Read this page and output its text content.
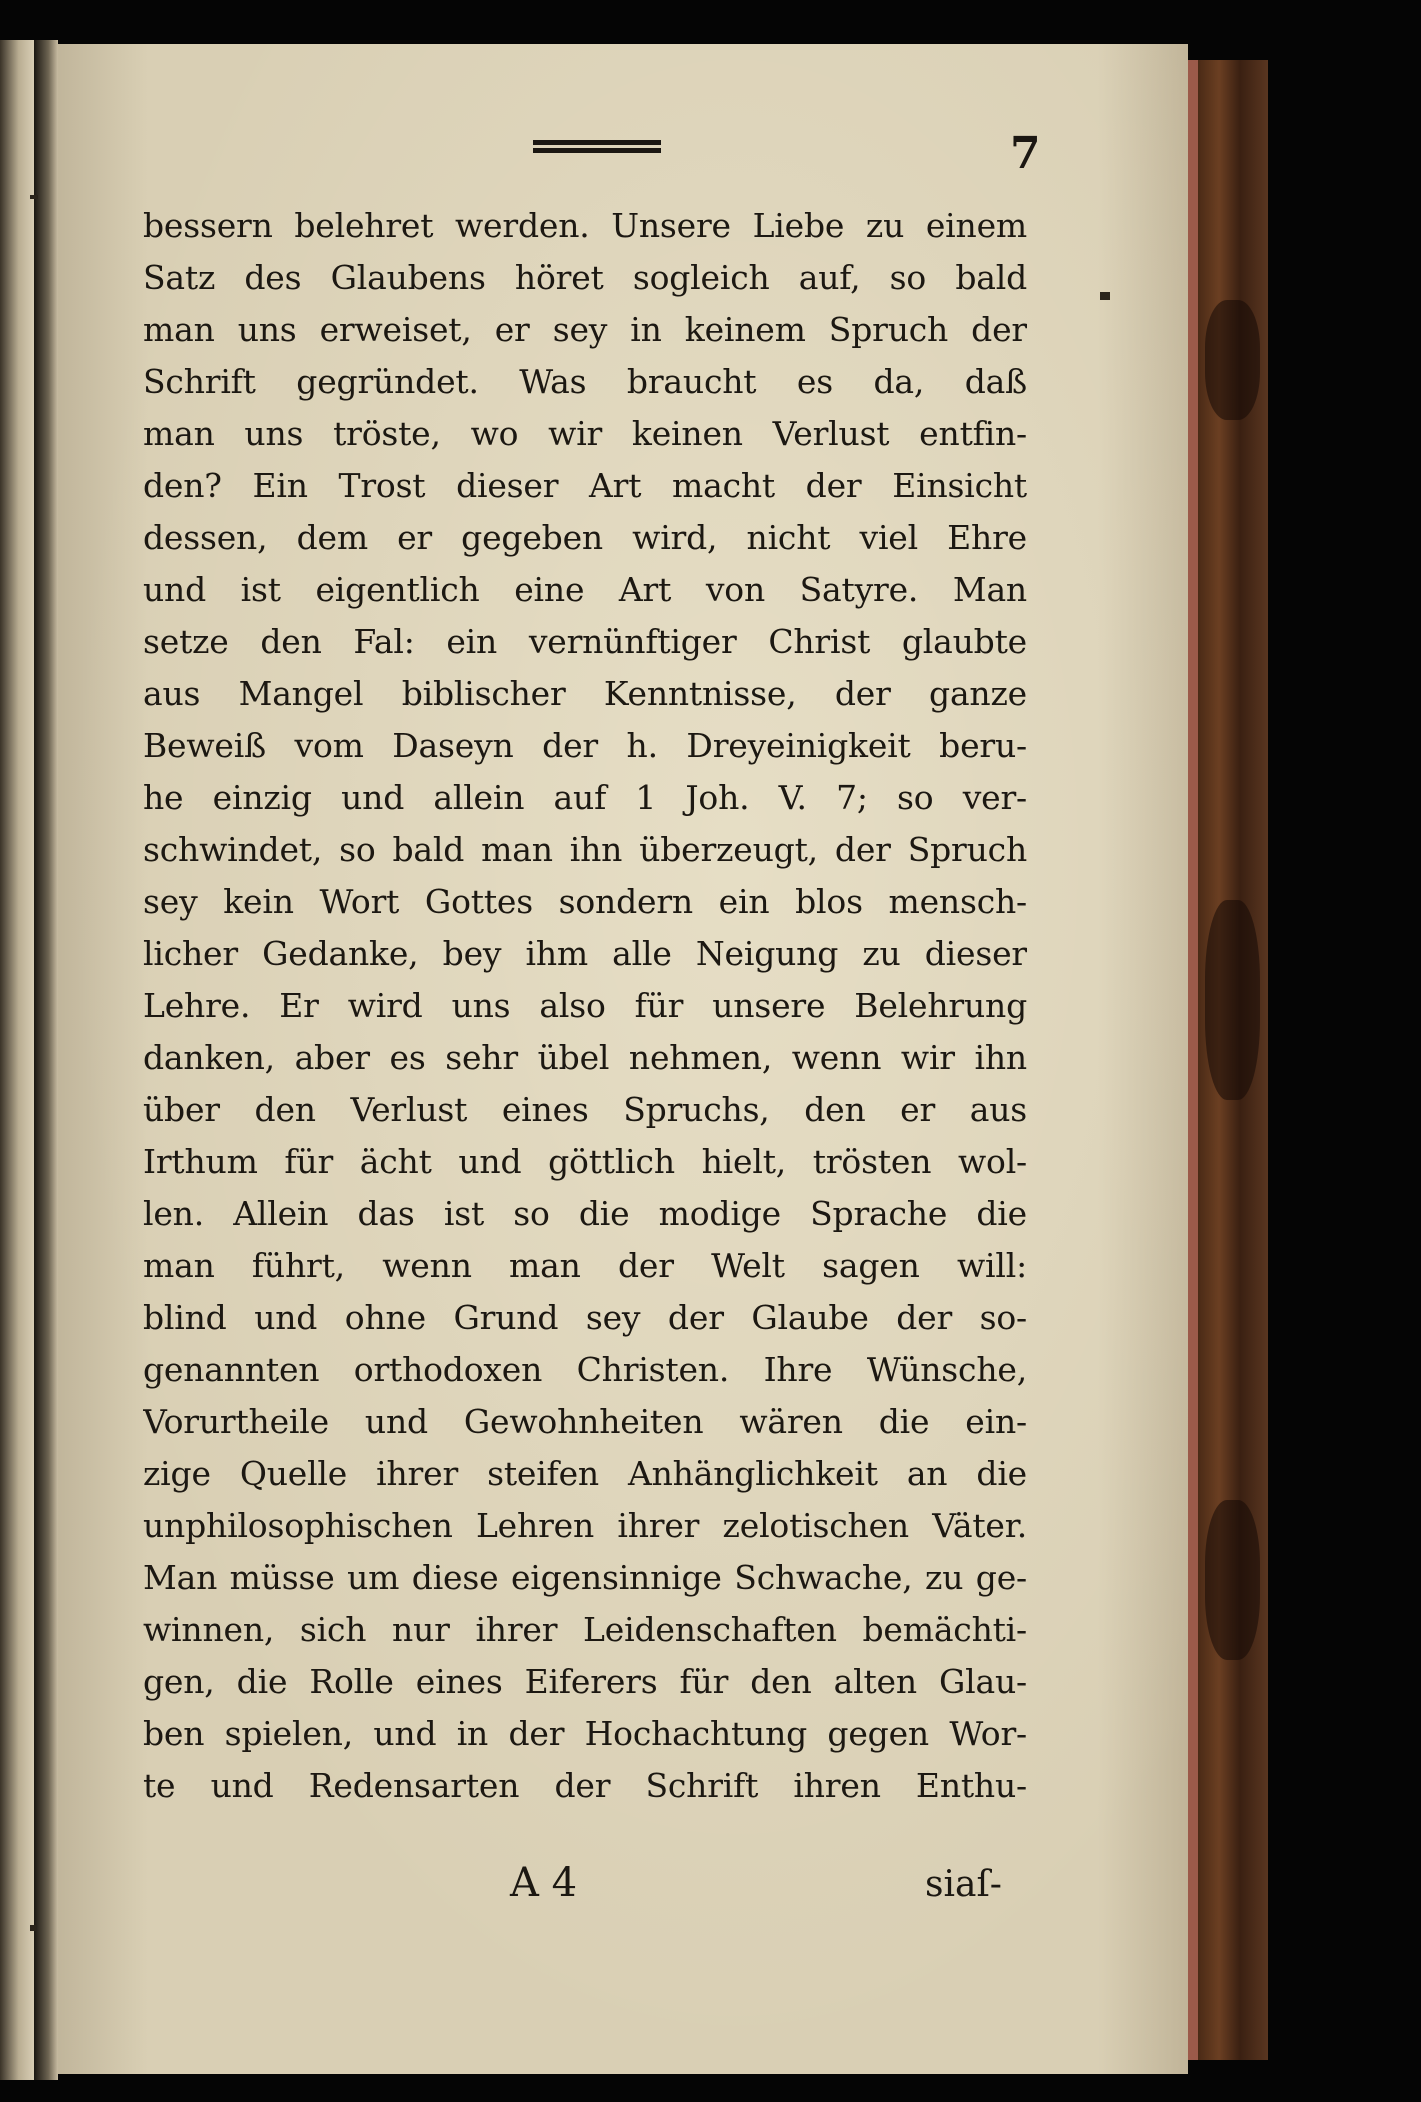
7
bessern belehret werden. Unsere Liebe zu einem
Satz des Glaubens höret sogleich auf, so bald
man uns erweiset, er sey in keinem Spruch der
Schrift gegründet. Was braucht es da, daß
man uns tröste, wo wir keinen Verlust entfin-
den? Ein Trost dieser Art macht der Einsicht
dessen, dem er gegeben wird, nicht viel Ehre
und ist eigentlich eine Art von Satyre. Man
setze den Fal: ein vernünftiger Christ glaubte
aus Mangel biblischer Kenntnisse, der ganze
Beweiß vom Daseyn der h. Dreyeinigkeit beru-
he einzig und allein auf 1 Joh. V. 7; so ver-
schwindet, so bald man ihn überzeugt, der Spruch
sey kein Wort Gottes sondern ein blos mensch-
licher Gedanke, bey ihm alle Neigung zu dieser
Lehre. Er wird uns also für unsere Belehrung
danken, aber es sehr übel nehmen, wenn wir ihn
über den Verlust eines Spruchs, den er aus
Irthum für ächt und göttlich hielt, trösten wol-
len. Allein das ist so die modige Sprache die
man führt, wenn man der Welt sagen will:
blind und ohne Grund sey der Glaube der so-
genannten orthodoxen Christen. Ihre Wünsche,
Vorurtheile und Gewohnheiten wären die ein-
zige Quelle ihrer steifen Anhänglichkeit an die
unphilosophischen Lehren ihrer zelotischen Väter.
Man müsse um diese eigensinnige Schwache, zu ge-
winnen, sich nur ihrer Leidenschaften bemächti-
gen, die Rolle eines Eiferers für den alten Glau-
ben spielen, und in der Hochachtung gegen Wor-
te und Redensarten der Schrift ihren Enthu-
A 4	siaſ-
